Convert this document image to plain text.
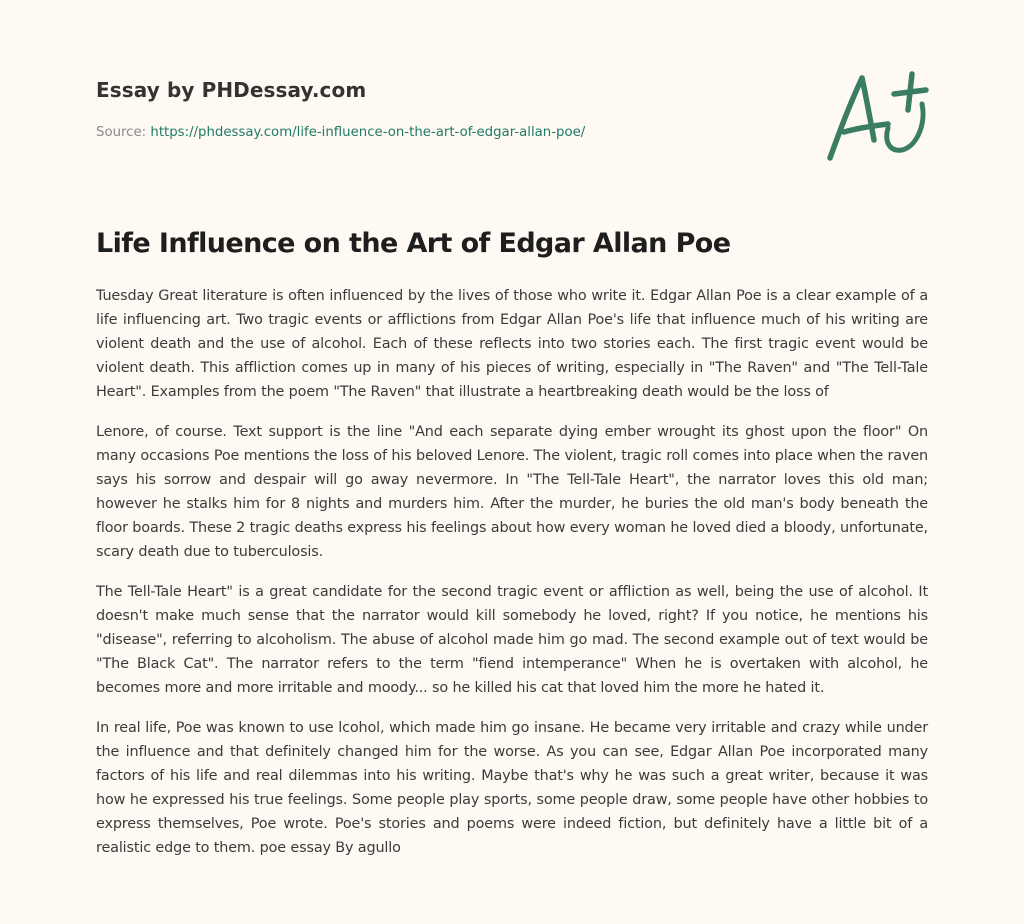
Essay by PHDessay.com
Source: https://phdessay.com/life-influence-on-the-art-of-edgar-allan-poe/
Life Influence on the Art of Edgar Allan Poe

Tuesday Great literature is often influenced by the lives of those who write it. Edgar Allan Poe is a clear example of a life influencing art. Two tragic events or afflictions from Edgar Allan Poe's life that influence much of his writing are violent death and the use of alcohol. Each of these reflects into two stories each. The first tragic event would be violent death. This affliction comes up in many of his pieces of writing, especially in "The Raven" and "The Tell-Tale Heart". Examples from the poem "The Raven" that illustrate a heartbreaking death would be the loss of

Lenore, of course. Text support is the line "And each separate dying ember wrought its ghost upon the floor" On many occasions Poe mentions the loss of his beloved Lenore. The violent, tragic roll comes into place when the raven says his sorrow and despair will go away nevermore. In "The Tell-Tale Heart", the narrator loves this old man; however he stalks him for 8 nights and murders him. After the murder, he buries the old man's body beneath the floor boards. These 2 tragic deaths express his feelings about how every woman he loved died a bloody, unfortunate, scary death due to tuberculosis.

The Tell-Tale Heart" is a great candidate for the second tragic event or affliction as well, being the use of alcohol. It doesn't make much sense that the narrator would kill somebody he loved, right? If you notice, he mentions his "disease", referring to alcoholism. The abuse of alcohol made him go mad. The second example out of text would be "The Black Cat". The narrator refers to the term "fiend intemperance" When he is overtaken with alcohol, he becomes more and more irritable and moody... so he killed his cat that loved him the more he hated it.

In real life, Poe was known to use lcohol, which made him go insane. He became very irritable and crazy while under the influence and that definitely changed him for the worse. As you can see, Edgar Allan Poe incorporated many factors of his life and real dilemmas into his writing. Maybe that's why he was such a great writer, because it was how he expressed his true feelings. Some people play sports, some people draw, some people have other hobbies to express themselves, Poe wrote. Poe's stories and poems were indeed fiction, but definitely have a little bit of a realistic edge to them. poe essay By agullo
